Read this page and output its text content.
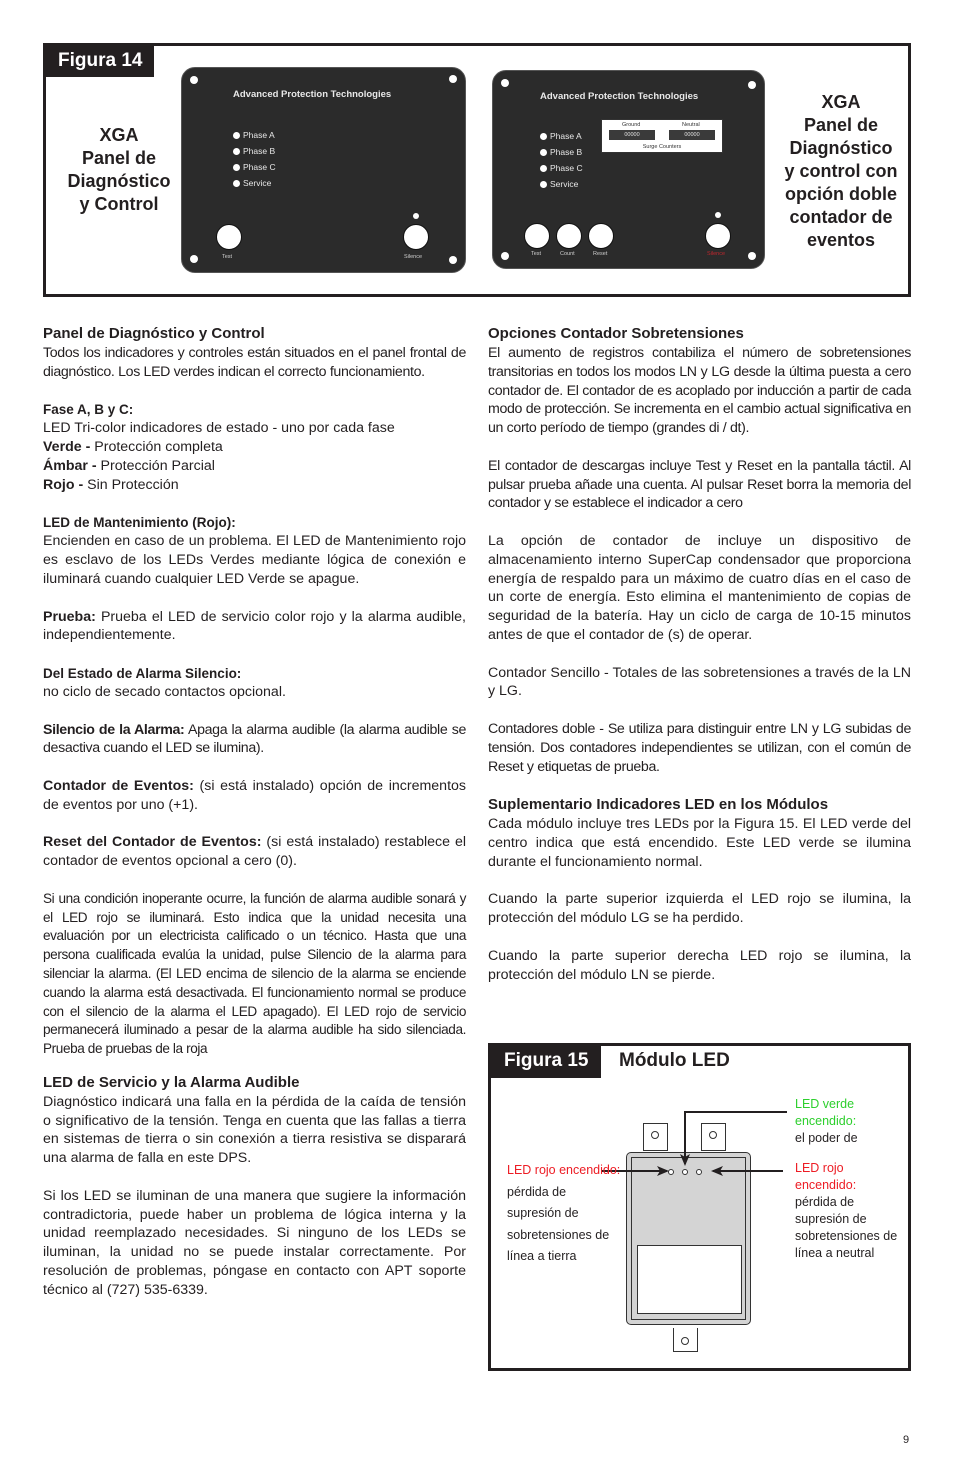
Figura 14
XGA
Panel de
Diagnóstico
y Control
Advanced Protection Technologies
Phase A
Phase B
Phase C
Service
Test	Silence
Advanced Protection Technologies
Ground	Neutral
00000	00000
Surge Counters
Phase A
Phase B
Phase C
Service
Test	Count	Reset	Silence
XGA
Panel de
Diagnóstico
y control con
opción doble
contador de
eventos
Panel de Diagnóstico y Control

Todos los indicadores y controles están situados en el panel frontal de diagnóstico. Los LED verdes indican el correcto funcionamiento.

Fase A, B y C:
LED Tri-color indicadores de estado - uno por cada fase
Verde - Protección completa
Ámbar - Protección Parcial
Rojo - Sin Protección
LED de Mantenimiento (Rojo):

Encienden en caso de un problema. El LED de Mantenimiento rojo es esclavo de los LEDs Verdes mediante lógica de conexión e iluminará cuando cualquier LED Verde se apague.

Prueba: Prueba el LED de servicio color rojo y la alarma audible, independientemente.

Del Estado de Alarma Silencio:
no ciclo de secado contactos opcional.

Silencio de la Alarma: Apaga la alarma audible (la alarma audible se desactiva cuando el LED se ilumina).

Contador de Eventos: (si está instalado) opción de incrementos de eventos por uno (+1).

Reset del Contador de Eventos: (si está instalado) restablece el contador de eventos opcional a cero (0).

Si una condición inoperante ocurre, la función de alarma audible sonará y el LED rojo se iluminará. Esto indica que la unidad necesita una evaluación por un electricista calificado o un técnico. Hasta que una persona cualificada evalúa la unidad, pulse Silencio de la alarma para silenciar la alarma. (El LED encima de silencio de la alarma se enciende cuando la alarma está desactivada. El funcionamiento normal se produce con el silencio de la alarma el LED apagado). El LED rojo de servicio permanecerá iluminado a pesar de la alarma audible ha sido silenciada. Prueba de pruebas de la roja

LED de Servicio y la Alarma Audible

Diagnóstico indicará una falla en la pérdida de la caída de tensión o significativo de la tensión. Tenga en cuenta que las fallas a tierra en sistemas de tierra o sin conexión a tierra resistiva se disparará una alarma de falla en este DPS.

Si los LED se iluminan de una manera que sugiere la información contradictoria, puede haber un problema de lógica interna y la unidad reemplazado necesidades. Si ninguno de los LEDs se iluminan, la unidad no se puede instalar correctamente. Por resolución de problemas, póngase en contacto con APT soporte técnico al (727) 535-6339.

Opciones Contador Sobretensiones

El aumento de registros contabiliza el número de sobretensiones transitorias en todos los modos LN y LG desde la última puesta a cero contador de. El contador de es acoplado por inducción a partir de cada modo de protección. Se incrementa en el cambio actual significativa en un corto período de tiempo (grandes di / dt).

El contador de descargas incluye Test y Reset en la pantalla táctil. Al pulsar prueba añade una cuenta. Al pulsar Reset borra la memoria del contador y se establece el indicador a cero

La opción de contador de incluye un dispositivo de almacenamiento interno SuperCap condensador que proporciona energía de respaldo para un máximo de cuatro días en el caso de un corte de energía. Esto elimina el mantenimiento de copias de seguridad de la batería. Hay un ciclo de carga de 10-15 minutos antes de que el contador de (s) de operar.

Contador Sencillo - Totales de las sobretensiones a través de la LN y LG.

Contadores doble - Se utiliza para distinguir entre LN y LG subidas de tensión. Dos contadores independientes se utilizan, con el común de Reset y etiquetas de prueba.

Suplementario Indicadores LED en los Módulos

Cada módulo incluye tres LEDs por la Figura 15. El LED verde del centro indica que está encendido. Este LED verde se ilumina durante el funcionamiento normal.

Cuando la parte superior izquierda el LED rojo se ilumina, la protección del módulo LG se ha perdido.

Cuando la parte superior derecha LED rojo se ilumina, la protección del módulo LN se pierde.

Figura 15	Módulo LED
LED verde encendido:
el poder de
LED rojo encendido: pérdida de supresión de sobretensiones de línea a tierra
LED rojo encendido:
pérdida de supresión de sobretensiones de línea a neutral
9
